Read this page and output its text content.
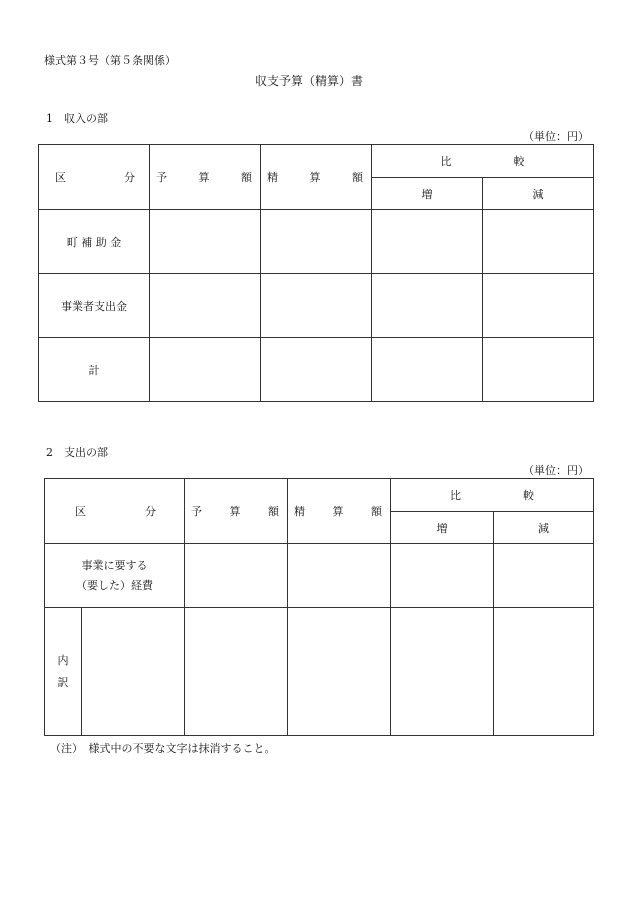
様式第３号（第５条関係）
収支予算（精算）書
1　収入の部
（単位：円）
区 分	予 算 額	精 算 額	比 較	
			増	減
町 補 助 金				
事業者支出金				
計				
2　支出の部
（単位：円）
区 分		予 算 額	精 算 額	比 較	
				増	減

事業に要する
（要した）経費					

内
訳					

（注）　様式中の不要な文字は抹消すること。
